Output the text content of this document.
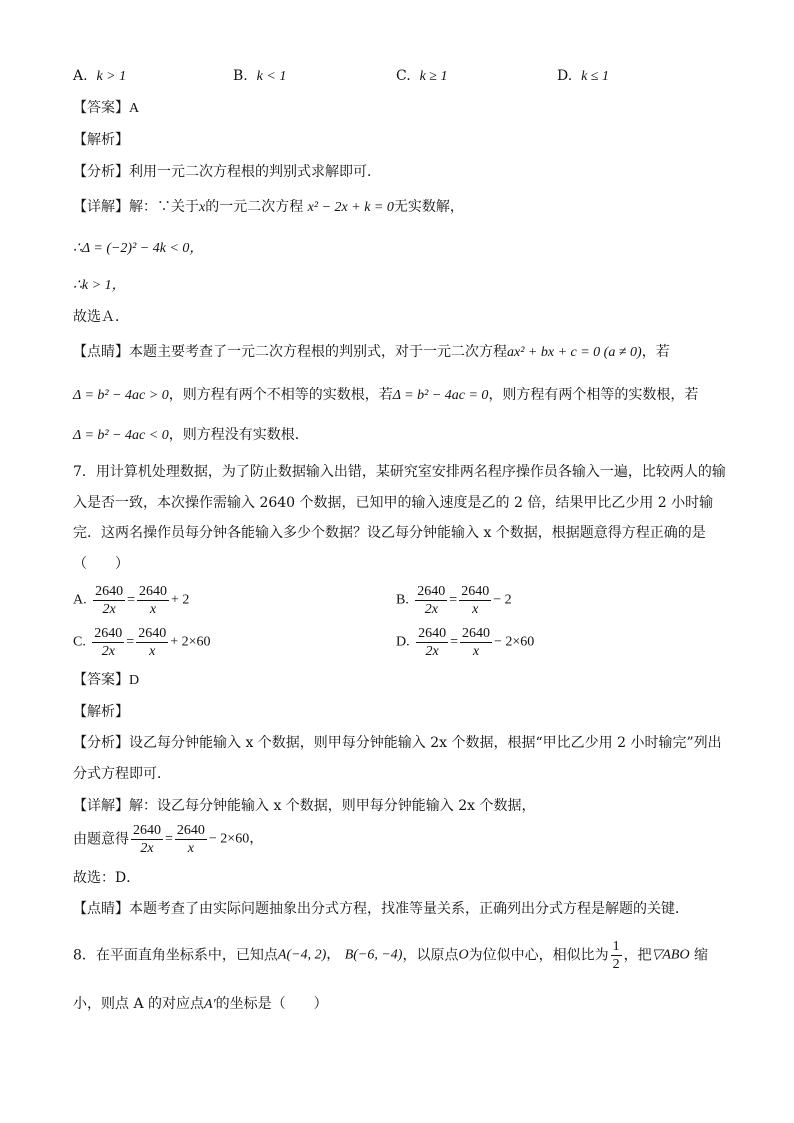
A. k > 1	B. k < 1	C. k ≥ 1	D. k ≤ 1
【答案】A
【解析】
【分析】利用一元二次方程根的判别式求解即可．
【详解】解：∵关于x的一元二次方程 x² − 2x + k = 0无实数解，
∴Δ = (−2)² − 4k < 0，
∴k > 1，
故选Ａ．
【点睛】本题主要考查了一元二次方程根的判别式，对于一元二次方程ax² + bx + c = 0 (a ≠ 0)，若
Δ = b² − 4ac > 0，则方程有两个不相等的实数根，若Δ = b² − 4ac = 0，则方程有两个相等的实数根，若
Δ = b² − 4ac < 0，则方程没有实数根．
7．用计算机处理数据，为了防止数据输入出错，某研究室安排两名程序操作员各输入一遍，比较两人的输
入是否一致，本次操作需输入 2640 个数据，已知甲的输入速度是乙的 2 倍，结果甲比乙少用 2 小时输
完．这两名操作员每分钟各能输入多少个数据？设乙每分钟能输入 x 个数据，根据题意得方程正确的是
（　　）
A. $\frac{2640}{2x} = \frac{2640}{x} + 2$	B. $\frac{2640}{2x} = \frac{2640}{x} - 2$
C. $\frac{2640}{2x} = \frac{2640}{x} + 2\times 60$	D. $\frac{2640}{2x} = \frac{2640}{x} - 2\times 60$
【答案】D
【解析】
【分析】设乙每分钟能输入 x 个数据，则甲每分钟能输入 2x 个数据，根据“甲比乙少用 2 小时输完”列出
分式方程即可．
【详解】解：设乙每分钟能输入 x 个数据，则甲每分钟能输入 2x 个数据，
由题意得 $\frac{2640}{2x} = \frac{2640}{x} - 2\times 60$，
故选：D．
【点睛】本题考查了由实际问题抽象出分式方程，找准等量关系，正确列出分式方程是解题的关键．
8．在平面直角坐标系中，已知点A(−4, 2)， B(−6, −4)，以原点O为位似中心，相似比为 $\frac{1}{2}$ ，把▽ABO 缩
小，则点 A 的对应点A′的坐标是（　　）
